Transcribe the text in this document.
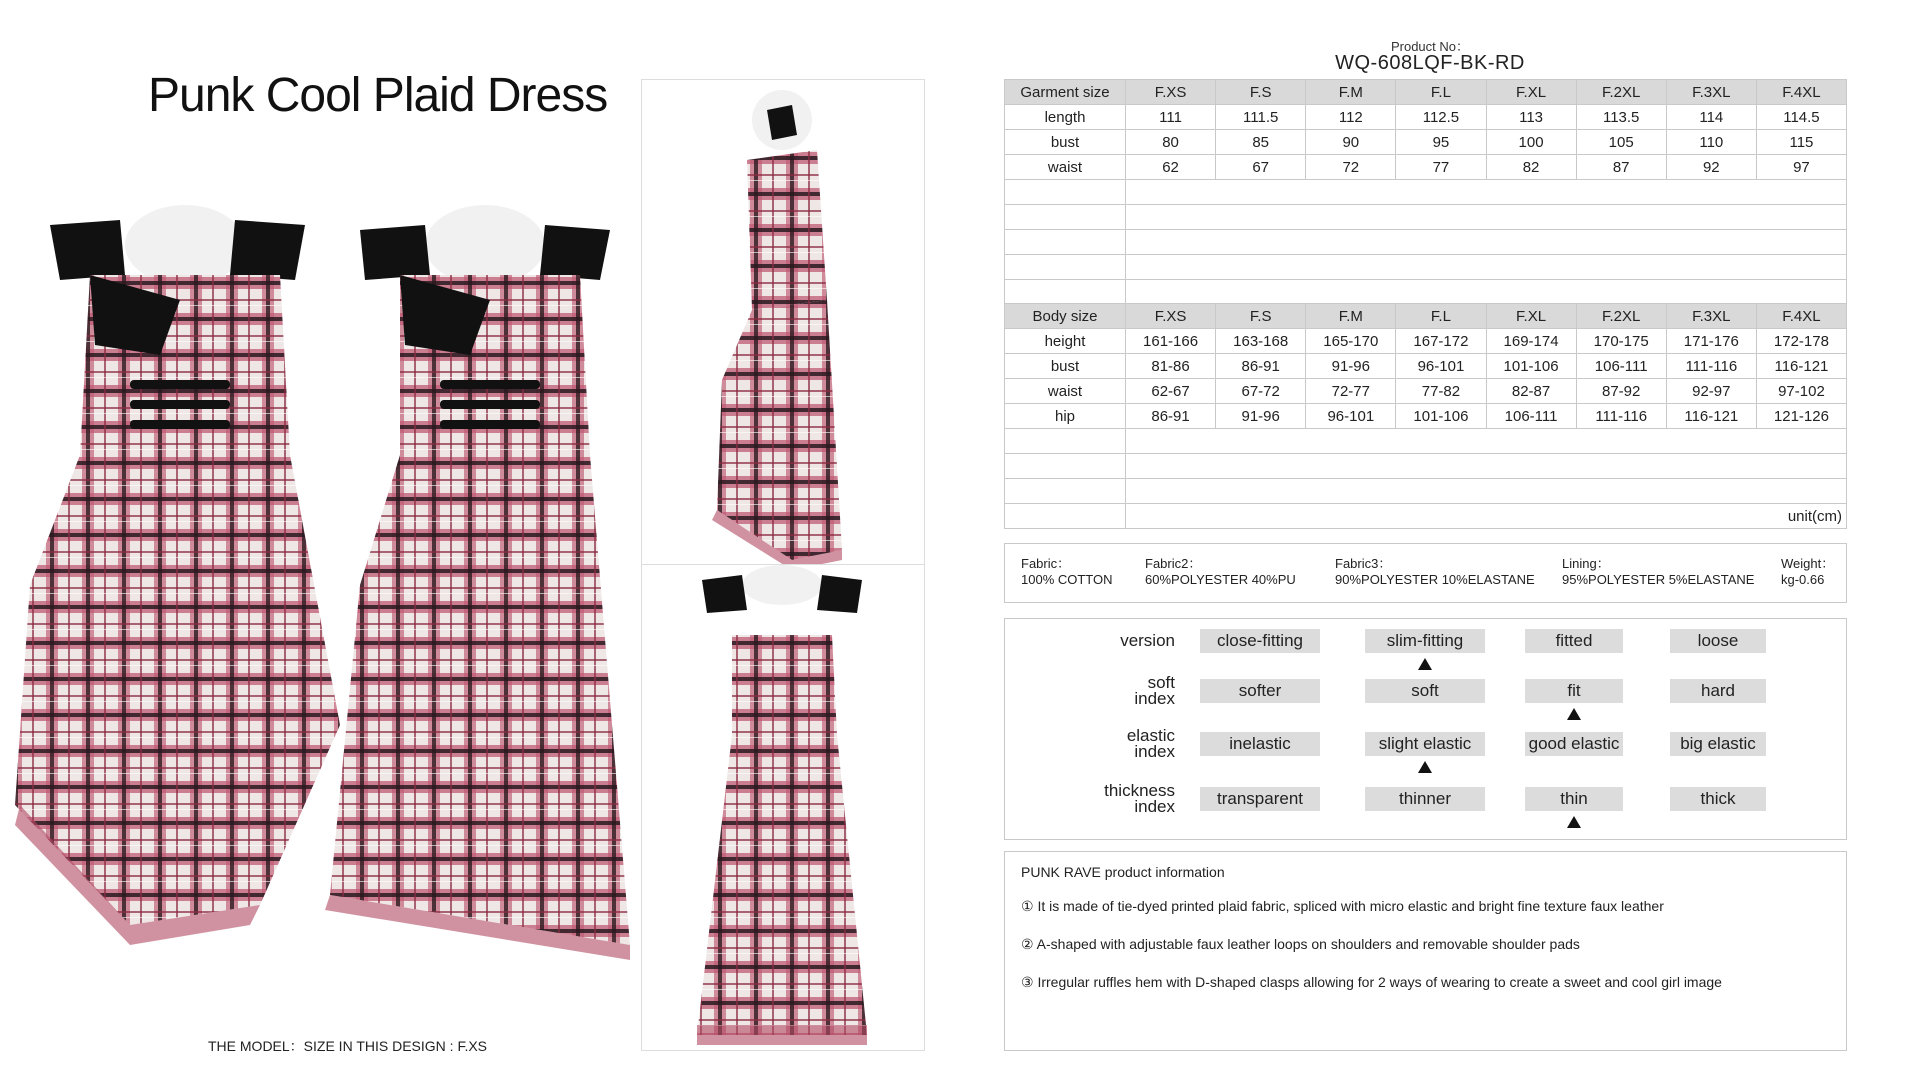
Punk Cool Plaid Dress
THE MODEL：SIZE IN THIS DESIGN : F.XS
Product No：
WQ-608LQF-BK-RD
Garment size	F.XS	F.S	F.M	F.L	F.XL	F.2XL	F.3XL	F.4XL
length	111	111.5	112	112.5	113	113.5	114	114.5
bust	80	85	90	95	100	105	110	115
waist	62	67	72	77	82	87	92	97

Body size	F.XS	F.S	F.M	F.L	F.XL	F.2XL	F.3XL	F.4XL
height	161-166	163-168	165-170	167-172	169-174	170-175	171-176	172-178
bust	81-86	86-91	91-96	96-101	101-106	106-111	111-116	116-121
waist	62-67	67-72	72-77	77-82	82-87	87-92	92-97	97-102
hip	86-91	91-96	96-101	101-106	106-111	111-116	116-121	121-126

	unit(cm)							
Fabric：
100% COTTON
Fabric2：
60%POLYESTER 40%PU
Fabric3：
90%POLYESTER 10%ELASTANE
Lining：
95%POLYESTER 5%ELASTANE
Weight：
kg-0.66
version	close-fitting	slim-fitting	fitted	loose
soft
index	softer	soft	fit	hard
elastic
index	inelastic	slight elastic	good elastic	big elastic
thickness
index	transparent	thinner	thin	thick
PUNK RAVE product information
① It is made of tie-dyed printed plaid fabric, spliced with micro elastic and bright fine texture faux leather
② A-shaped with adjustable faux leather loops on shoulders and removable shoulder pads
③ Irregular ruffles hem with D-shaped clasps allowing for 2 ways of wearing to create a sweet and cool girl image
